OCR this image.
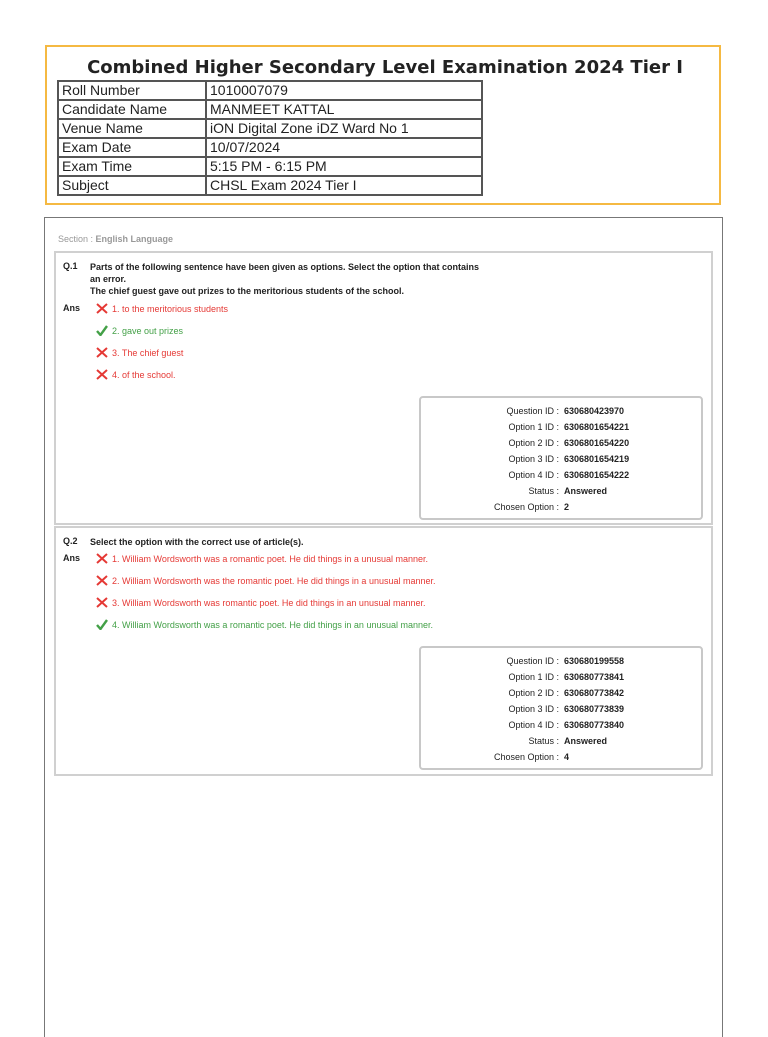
Combined Higher Secondary Level Examination 2024 Tier I
Roll Number	1010007079
Candidate Name	MANMEET KATTAL
Venue Name	iON Digital Zone iDZ Ward No 1
Exam Date	10/07/2024
Exam Time	5:15 PM - 6:15 PM
Subject	CHSL Exam 2024 Tier I
Section : English Language
Q.1 Parts of the following sentence have been given as options. Select the option that contains
an error.
The chief guest gave out prizes to the meritorious students of the school.
Ans	1. to the meritorious students
2. gave out prizes
3. The chief guest
4. of the school.
Question ID : 630680423970
Option 1 ID : 6306801654221
Option 2 ID : 6306801654220
Option 3 ID : 6306801654219
Option 4 ID : 6306801654222
Status : Answered
Chosen Option : 2
Q.2 Select the option with the correct use of article(s).
Ans	1. William Wordsworth was a romantic poet. He did things in a unusual manner.
2. William Wordsworth was the romantic poet. He did things in a unusual manner.
3. William Wordsworth was romantic poet. He did things in an unusual manner.
4. William Wordsworth was a romantic poet. He did things in an unusual manner.
Question ID : 630680199558
Option 1 ID : 630680773841
Option 2 ID : 630680773842
Option 3 ID : 630680773839
Option 4 ID : 630680773840
Status : Answered
Chosen Option : 4
